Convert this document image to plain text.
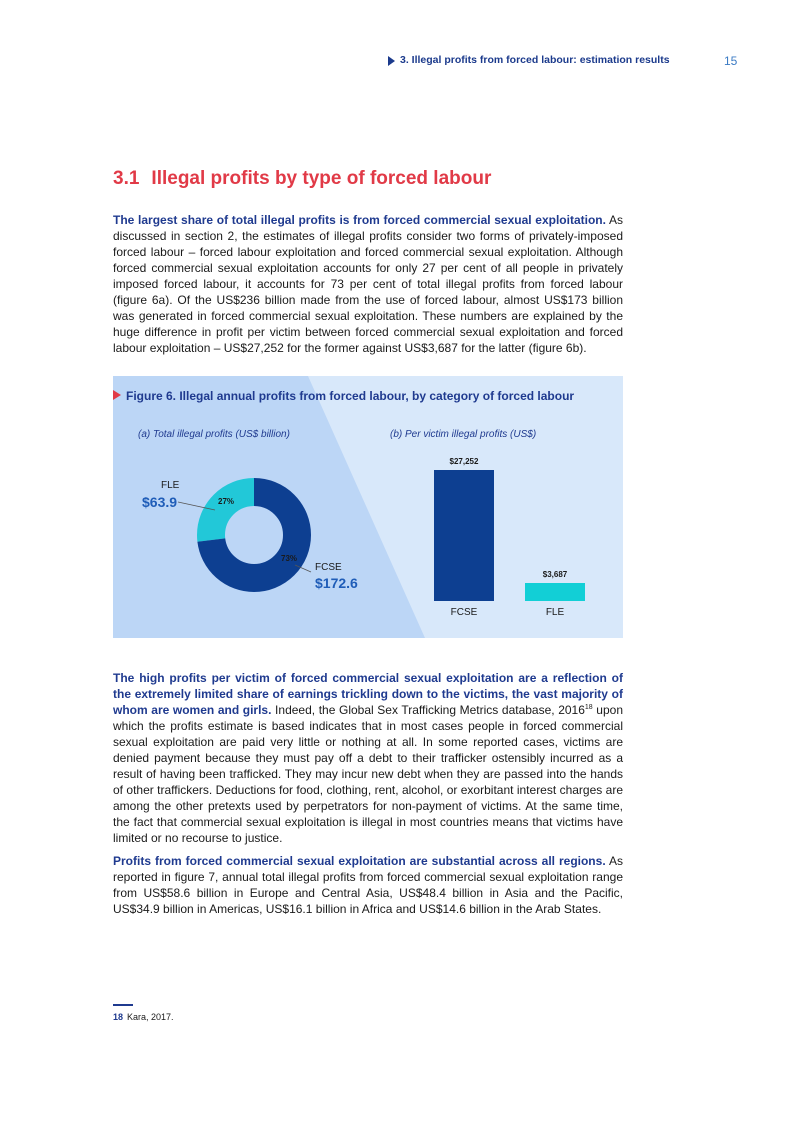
3. Illegal profits from forced labour: estimation results	15
3.1 Illegal profits by type of forced labour
The largest share of total illegal profits is from forced commercial sexual exploitation. As discussed in section 2, the estimates of illegal profits consider two forms of privately-imposed forced labour – forced labour exploitation and forced commercial sexual exploitation. Although forced commercial sexual exploitation accounts for only 27 per cent of all people in privately imposed forced labour, it accounts for 73 per cent of total illegal profits from forced labour (figure 6a). Of the US$236 billion made from the use of forced labour, almost US$173 billion was generated in forced commercial sexual exploitation. These numbers are explained by the huge difference in profit per victim between forced commercial sexual exploitation and forced labour exploitation – US$27,252 for the former against US$3,687 for the latter (figure 6b).
Figure 6. Illegal annual profits from forced labour, by category of forced labour
(a) Total illegal profits (US$ billion)	(b) Per victim illegal profits (US$)
FLE
$63.9	27%
73%
FCSE
$172.6
$27,252
$3,687
FCSE	FLE
The high profits per victim of forced commercial sexual exploitation are a reflection of the extremely limited share of earnings trickling down to the victims, the vast majority of whom are women and girls. Indeed, the Global Sex Trafficking Metrics database, 2016$^{18}$ upon which the profits estimate is based indicates that in most cases people in forced commercial sexual exploitation are paid very little or nothing at all. In some reported cases, victims are denied payment because they must pay off a debt to their trafficker ostensibly incurred as a result of having been trafficked. They may incur new debt when they are passed into the hands of other traffickers. Deductions for food, clothing, rent, alcohol, or exorbitant interest charges are among the other pretexts used by perpetrators for non-payment of victims. At the same time, the fact that commercial sexual exploitation is illegal in most countries means that victims have limited or no recourse to justice.
Profits from forced commercial sexual exploitation are substantial across all regions. As reported in figure 7, annual total illegal profits from forced commercial sexual exploitation range from US$58.6 billion in Europe and Central Asia, US$48.4 billion in Asia and the Pacific, US$34.9 billion in Americas, US$16.1 billion in Africa and US$14.6 billion in the Arab States.
18 Kara, 2017.
